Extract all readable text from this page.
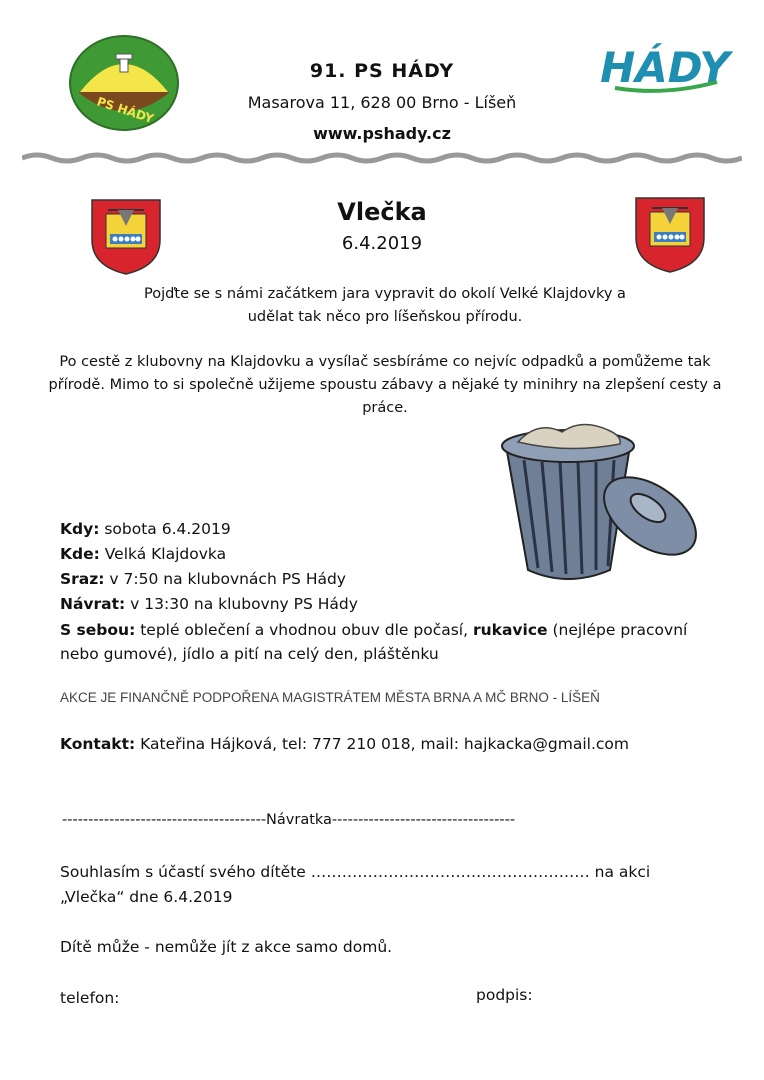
PS HÁDY
91. PS HÁDY
Masarova 11, 628 00 Brno - Líšeň
www.pshady.cz
HÁDY
Vlečka
6.4.2019
Pojďte se s námi začátkem jara vypravit do okolí Velké Klajdovky a udělat tak něco pro líšeňskou přírodu.
Po cestě z klubovny na Klajdovku a vysílač sesbíráme co nejvíc odpadků a pomůžeme tak přírodě. Mimo to si společně užijeme spoustu zábavy a nějaké ty minihry na zlepšení cesty a práce.
Kdy: sobota 6.4.2019
Kde: Velká Klajdovka
Sraz: v 7:50 na klubovnách PS Hády
Návrat: v 13:30 na klubovny PS Hády
S sebou: teplé oblečení a vhodnou obuv dle počasí, rukavice (nejlépe pracovní nebo gumové), jídlo a pití na celý den, pláštěnku
AKCE JE FINANČNĚ PODPOŘENA MAGISTRÁTEM MĚSTA BRNA A MČ BRNO - LÍŠEŇ
Kontakt: Kateřina Hájková, tel: 777 210 018, mail: hajkacka@gmail.com
---------------------------------------Návratka-----------------------------------
Souhlasím s účastí svého dítěte ……………………………………………… na akci „Vlečka“ dne 6.4.2019
Dítě může - nemůže jít z akce samo domů.
telefon:	podpis:
